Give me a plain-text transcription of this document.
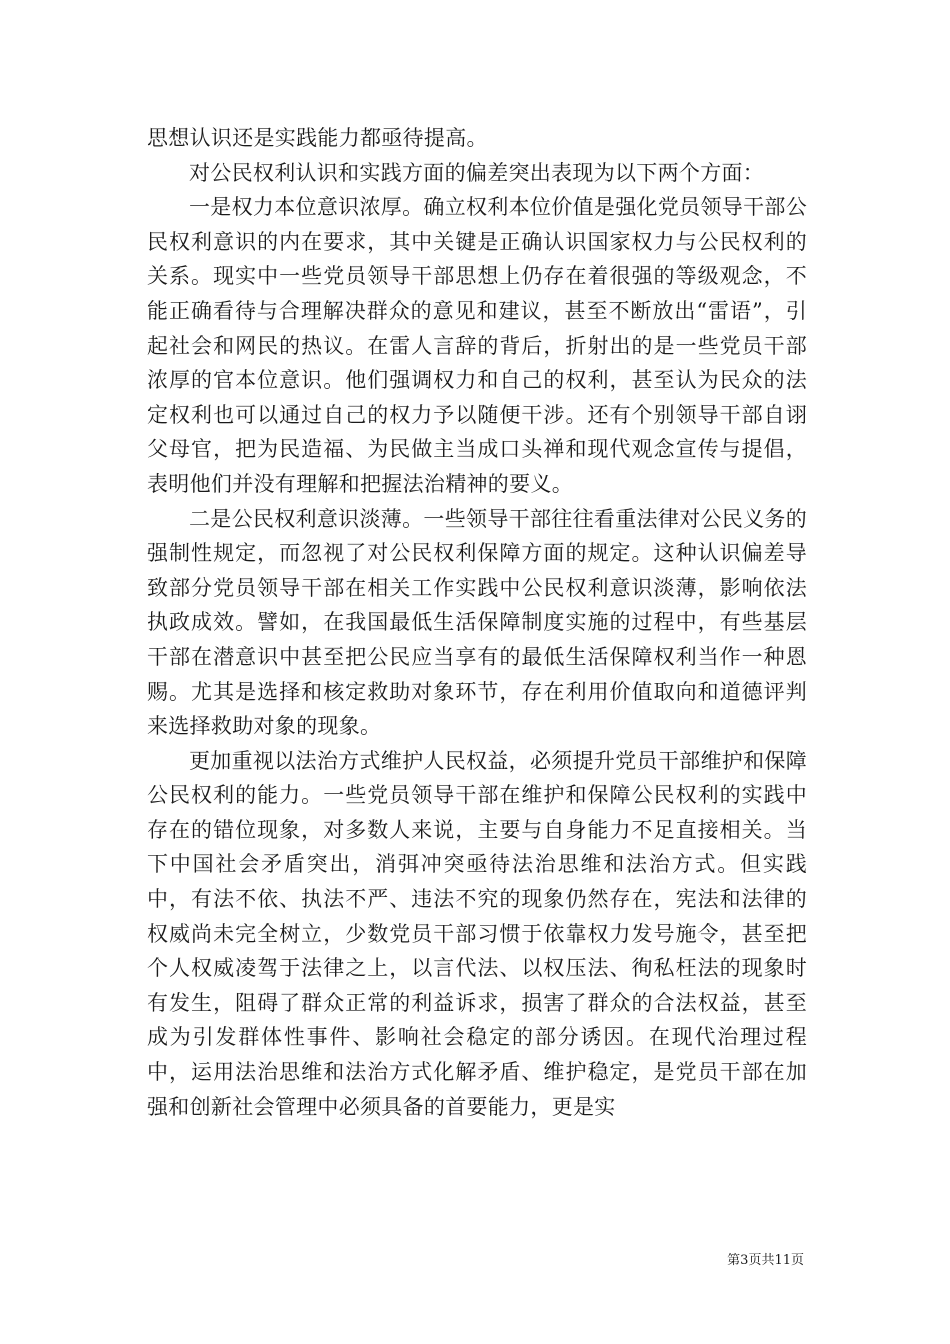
思想认识还是实践能力都亟待提高。

对公民权利认识和实践方面的偏差突出表现为以下两个方面：

一是权力本位意识浓厚。确立权利本位价值是强化党员领导干部公民权利意识的内在要求，其中关键是正确认识国家权力与公民权利的关系。现实中一些党员领导干部思想上仍存在着很强的等级观念，不能正确看待与合理解决群众的意见和建议，甚至不断放出“雷语”，引起社会和网民的热议。在雷人言辞的背后，折射出的是一些党员干部浓厚的官本位意识。他们强调权力和自己的权利，甚至认为民众的法定权利也可以通过自己的权力予以随便干涉。还有个别领导干部自诩父母官，把为民造福、为民做主当成口头禅和现代观念宣传与提倡，表明他们并没有理解和把握法治精神的要义。

二是公民权利意识淡薄。一些领导干部往往看重法律对公民义务的强制性规定，而忽视了对公民权利保障方面的规定。这种认识偏差导致部分党员领导干部在相关工作实践中公民权利意识淡薄，影响依法执政成效。譬如，在我国最低生活保障制度实施的过程中，有些基层干部在潜意识中甚至把公民应当享有的最低生活保障权利当作一种恩赐。尤其是选择和核定救助对象环节，存在利用价值取向和道德评判来选择救助对象的现象。

更加重视以法治方式维护人民权益，必须提升党员干部维护和保障公民权利的能力。一些党员领导干部在维护和保障公民权利的实践中存在的错位现象，对多数人来说，主要与自身能力不足直接相关。当下中国社会矛盾突出，消弭冲突亟待法治思维和法治方式。但实践中，有法不依、执法不严、违法不究的现象仍然存在，宪法和法律的权威尚未完全树立，少数党员干部习惯于依靠权力发号施令，甚至把个人权威凌驾于法律之上，以言代法、以权压法、徇私枉法的现象时有发生，阻碍了群众正常的利益诉求，损害了群众的合法权益，甚至成为引发群体性事件、影响社会稳定的部分诱因。在现代治理过程中，运用法治思维和法治方式化解矛盾、维护稳定，是党员干部在加强和创新社会管理中必须具备的首要能力，更是实

第3页共11页
